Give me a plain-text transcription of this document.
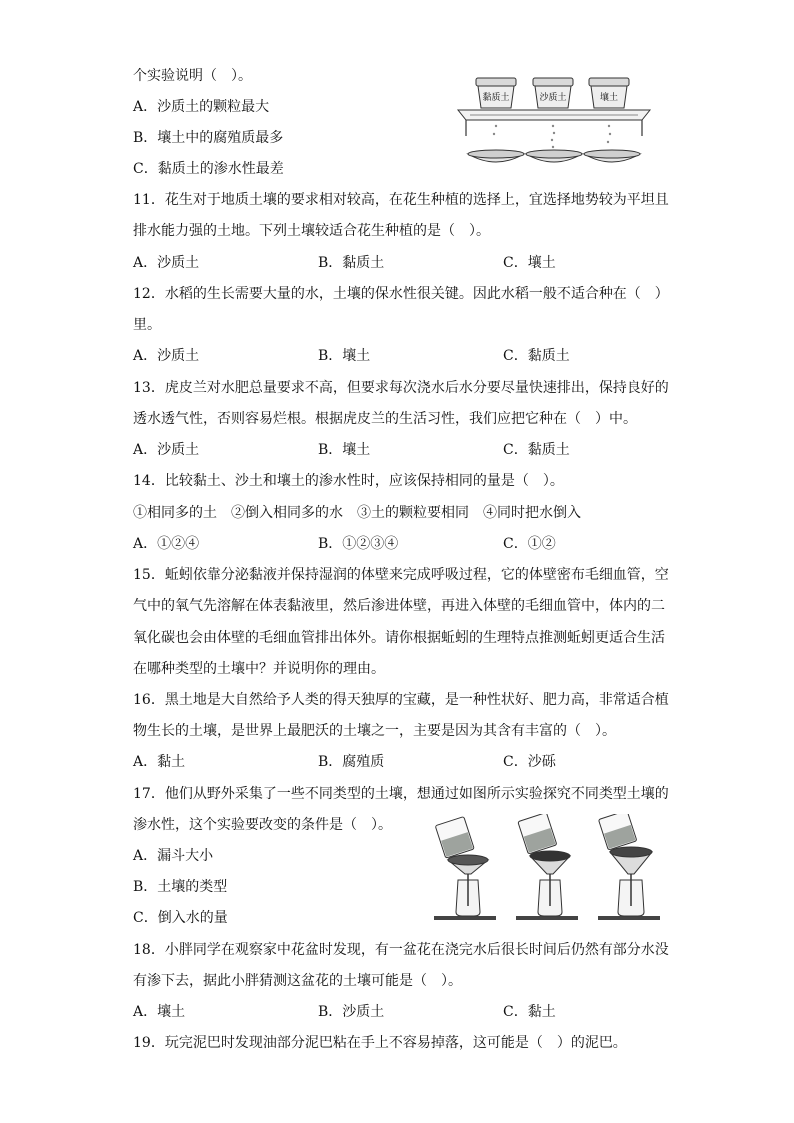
个实验说明（　）。
A．沙质土的颗粒最大
B．壤土中的腐殖质最多
C．黏质土的渗水性最差
黏质土	沙质土	壤土
11．花生对于地质土壤的要求相对较高，在花生种植的选择上，宜选择地势较为平坦且
排水能力强的土地。下列土壤较适合花生种植的是（　）。
A．沙质土	B．黏质土	C．壤土
12．水稻的生长需要大量的水，土壤的保水性很关键。因此水稻一般不适合种在（　）
里。
A．沙质土	B．壤土	C．黏质土
13．虎皮兰对水肥总量要求不高，但要求每次浇水后水分要尽量快速排出，保持良好的
透水透气性，否则容易烂根。根据虎皮兰的生活习性，我们应把它种在（　）中。
A．沙质土	B．壤土	C．黏质土
14．比较黏土、沙土和壤土的渗水性时，应该保持相同的量是（　）。
①相同多的土　②倒入相同多的水　③土的颗粒要相同　④同时把水倒入
A．①②④	B．①②③④	C．①②
15．蚯蚓依靠分泌黏液并保持湿润的体壁来完成呼吸过程，它的体壁密布毛细血管，空
气中的氧气先溶解在体表黏液里，然后渗进体壁，再进入体壁的毛细血管中，体内的二
氧化碳也会由体壁的毛细血管排出体外。请你根据蚯蚓的生理特点推测蚯蚓更适合生活
在哪种类型的土壤中？并说明你的理由。
16．黑土地是大自然给予人类的得天独厚的宝藏，是一种性状好、肥力高，非常适合植
物生长的土壤，是世界上最肥沃的土壤之一，主要是因为其含有丰富的（　）。
A．黏土	B．腐殖质	C．沙砾
17．他们从野外采集了一些不同类型的土壤，想通过如图所示实验探究不同类型土壤的
渗水性，这个实验要改变的条件是（　）。
A．漏斗大小
B．土壤的类型
C．倒入水的量
18．小胖同学在观察家中花盆时发现，有一盆花在浇完水后很长时间后仍然有部分水没
有渗下去，据此小胖猜测这盆花的土壤可能是（　）。
A．壤土	B．沙质土	C．黏土
19．玩完泥巴时发现油部分泥巴粘在手上不容易掉落，这可能是（　）的泥巴。
